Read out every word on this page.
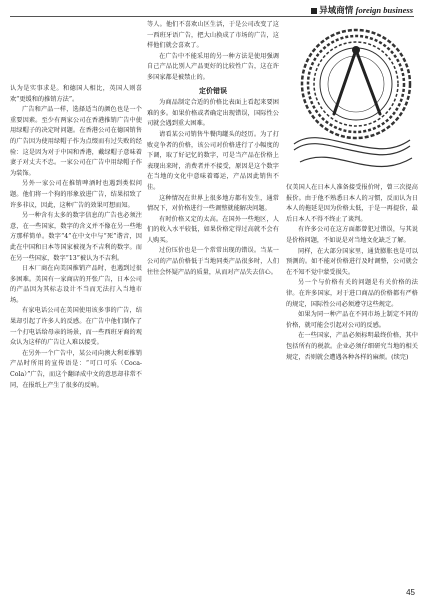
异域商情 foreign business

认为是实事求是。和德国人相比，英国人则喜欢“更缓和的推销方法”。

广告和产品一样，选择适当的颜色也是一个重要因素。至少有两家公司在香港推销广告中使用绿帽子的决定时问题。在香港公司在德国销售的广告因为使用绿帽子作为点缀而有过失败的经验：这是因为对于中国和香港，戴绿帽子意味着妻子对丈夫不忠。一家公司在广告中用绿帽子作为装饰。

另外一家公司在推销啤酒时也遇到类似问题。他们将一个狗的形象放进广告，结果招致了许多非议，因此，这种广告的效果可想而知。

另一种含有太多的数字信息的广告也必须注意，在一些国家，数字的含义并不像在另一些地方那样简单。数字“4”在中文中与“死”谐音，因此在中国和日本等国家被视为不吉利的数字。而在另一些国家，数字“13”被认为不吉利。

日本厂商在向美国推销产品时，也遇到过很多困难。美国有一家商店的开张广告，日本公司的产品因为其标志设计不当而无法打入当地市场。

有家电话公司在美国使用该多事的广告，结果却引起了许多人的反感。在广告中他们制作了一个打电话给母亲的场景，而一些西班牙裔的观众认为这样的广告让人难以接受。

在另外一个广告中，某公司向澳大利亚推销产品时所用的宣传语是：“可口可乐（Coca-Cola）”广告，而这个翻译成中文的意思却非常不同，在报纸上产生了很多的反响。

等人。他们不喜欢山区生活，于是公司改变了这一西班牙语广告，把大山换成了市场的广告，这样他们就会喜欢了。

在广告中不能采用的另一种方法是使用强调自己产品比别人产品更好的比较性广告，这在许多国家都是被禁止的。

定价错误

为商品制定合适的价格比表面上看起来要困难的多。如果价格或者确定出现错误，国际性公司就会遇到重大困难。

请看某公司销售牛餐肉罐头的经历。为了打败竞争者的价格，该公司对价格进行了小幅度的下调，取了好记忆的数字，可是当产品在价格上表现出来时，消费者并不接受，原因是这个数字在当地的文化中意味着霉运，产品因此销售不佳。

这种情况在世界上很多地方都有发生，通常情况下，对价格进行一些调整就能解决问题。

有时价格又定的太高。在国外一些地区，人们的收入水平较低，如果价格定得过高就不会有人购买。

过份压价也是一个常常出现的错误。当某一公司的产品价格低于当地同类产品很多时，人们往往会怀疑产品的质量，从而对产品失去信心。

仅美国人在日本人准备接受报价时，曾三次提高报价。由于他不熟悉日本人的习惯，反而认为日本人的拖延是因为价格太低，于是一再提价，最后日本人不得不终止了谈判。

有许多公司在这方面都曾犯过错误，与其说是价格问题，不如说是对当地文化缺乏了解。

同样，在大部分国家里，通货膨胀也是可以预测的。如不能对价格进行及时调整，公司就会在不知不觉中蒙受损失。

另一个与价格有关的问题是有关价格的法律。在许多国家，对于进口商品的价格都有严格的规定，国际性公司必须遵守这些规定。

如果为同一种产品在不同市场上制定不同的价格，就可能会引起对公司的反感。

在一些国家，产品必须标明最终价格，其中包括所有的税款。企业必须仔细研究当地的相关规定，否则就会遭遇各种各样的麻烦。(续完)

45
